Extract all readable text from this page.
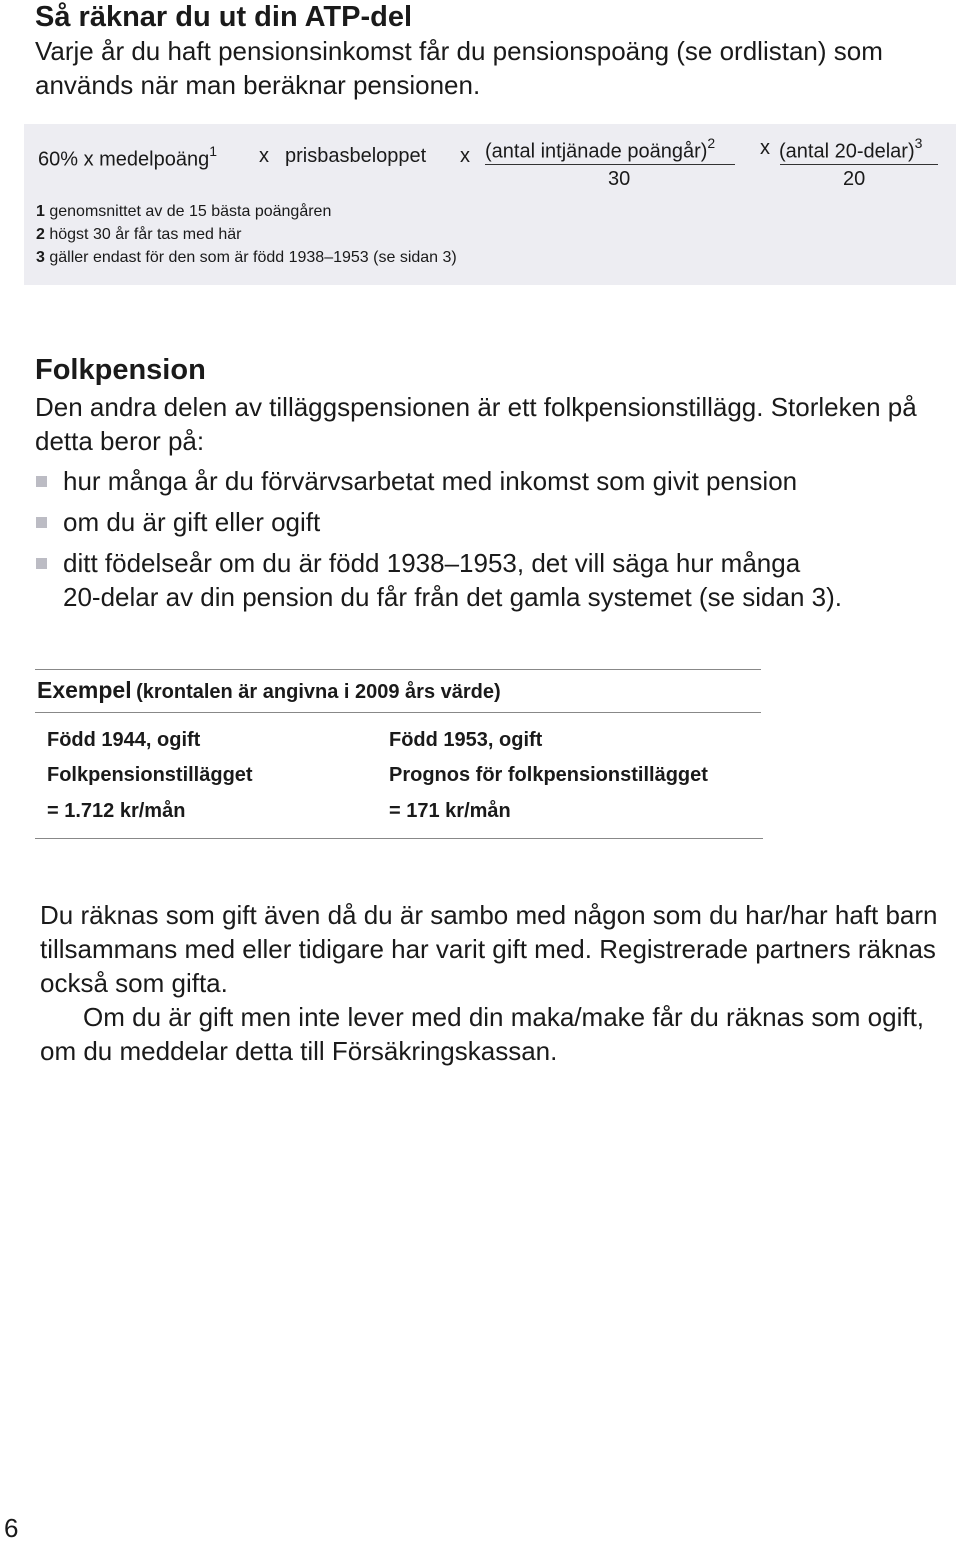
Så räknar du ut din ATP-del
Varje år du haft pensionsinkomst får du pensionspoäng (se ordlistan) som
används när man beräknar pensionen.
60% x medelpoäng$^1$ x prisbasbeloppet x (antal intjänade poängår)$^2$ x (antal 20-delar)$^3$
30	20
1 genomsnittet av de 15 bästa poängåren
2 högst 30 år får tas med här
3 gäller endast för den som är född 1938–1953 (se sidan 3)
Folkpension
Den andra delen av tilläggspensionen är ett folkpensionstillägg. Storleken på
detta beror på:
hur många år du förvärvsarbetat med inkomst som givit pension
om du är gift eller ogift
ditt födelseår om du är född 1938–1953, det vill säga hur många
20-delar av din pension du får från det gamla systemet (se sidan 3).
Exempel (krontalen är angivna i 2009 års värde)
Född 1944, ogift
Folkpensionstillägget
= 1.712 kr/mån
Född 1953, ogift
Prognos för folkpensionstillägget
= 171 kr/mån
Du räknas som gift även då du är sambo med någon som du har/har haft barn
tillsammans med eller tidigare har varit gift med. Registrerade partners räknas
också som gifta.
Om du är gift men inte lever med din maka/make får du räknas som ogift,
om du meddelar detta till Försäkringskassan.
6
